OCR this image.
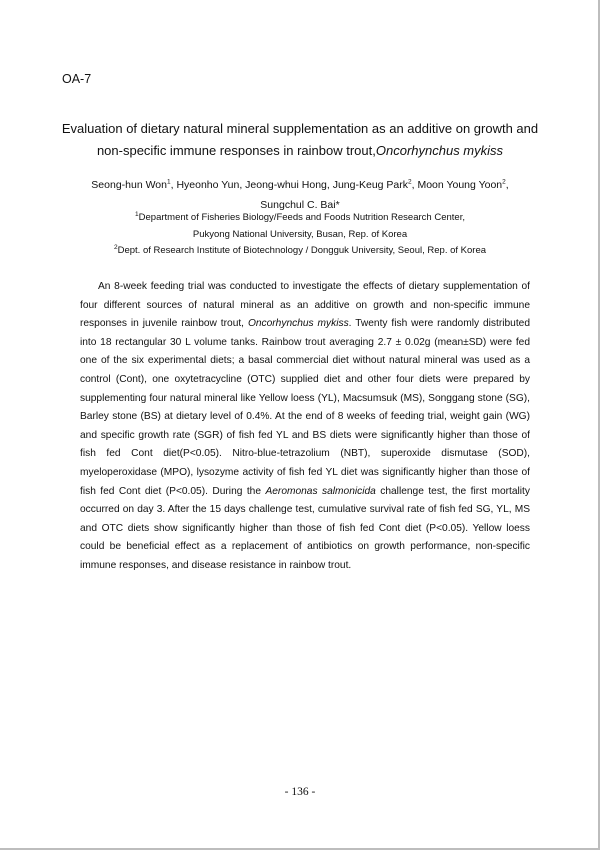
OA-7
Evaluation of dietary natural mineral supplementation as an additive on growth and
non-specific immune responses in rainbow trout,Oncorhynchus mykiss
Seong-hun Won$^1$, Hyeonho Yun, Jeong-whui Hong, Jung-Keug Park$^2$, Moon Young Yoon$^2$,
Sungchul C. Bai*
$^1$Department of Fisheries Biology/Feeds and Foods Nutrition Research Center,
Pukyong National University, Busan, Rep. of Korea
$^2$Dept. of Research Institute of Biotechnology / Dongguk University, Seoul, Rep. of Korea

An 8-week feeding trial was conducted to investigate the effects of dietary supplementation of four different sources of natural mineral as an additive on growth and non-specific immune responses in juvenile rainbow trout, Oncorhynchus mykiss. Twenty fish were randomly distributed into 18 rectangular 30 L volume tanks. Rainbow trout averaging 2.7 ± 0.02g (mean±SD) were fed one of the six experimental diets; a basal commercial diet without natural mineral was used as a control (Cont), one oxytetracycline (OTC) supplied diet and other four diets were prepared by supplementing four natural mineral like Yellow loess (YL), Macsumsuk (MS), Songgang stone (SG), Barley stone (BS) at dietary level of 0.4%. At the end of 8 weeks of feeding trial, weight gain (WG) and specific growth rate (SGR) of fish fed YL and BS diets were significantly higher than those of fish fed Cont diet(P<0.05). Nitro-blue-tetrazolium (NBT), superoxide dismutase (SOD), myeloperoxidase (MPO), lysozyme activity of fish fed YL diet was significantly higher than those of fish fed Cont diet (P<0.05). During the Aeromonas salmonicida challenge test, the first mortality occurred on day 3. After the 15 days challenge test, cumulative survival rate of fish fed SG, YL, MS and OTC diets show significantly higher than those of fish fed Cont diet (P<0.05). Yellow loess could be beneficial effect as a replacement of antibiotics on growth performance, non-specific immune responses, and disease resistance in rainbow trout.

- 136 -
